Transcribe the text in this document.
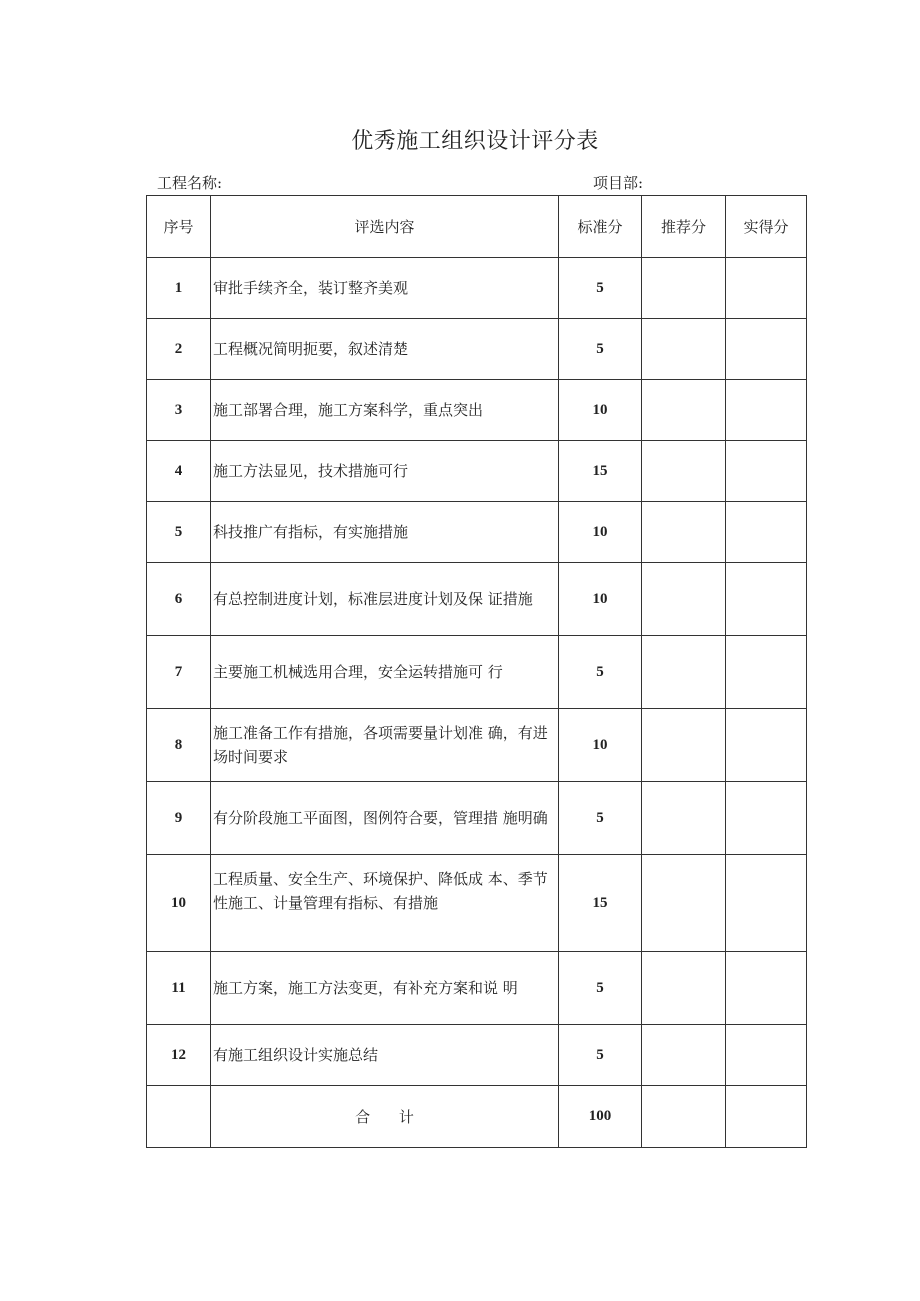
优秀施工组织设计评分表
工程名称:	项目部:
序号	评选内容	标准分	推荐分	实得分
1	审批手续齐全，装订整齐美观	5		
2	工程概况简明扼要，叙述清楚	5		
3	施工部署合理，施工方案科学，重点突出	10		
4	施工方法显见，技术措施可行	15		
5	科技推广有指标，有实施措施	10		
6	有总控制进度计划，标准层进度计划及保 证措施	10		
7	主要施工机械选用合理，安全运转措施可 行	5		
8	施工准备工作有措施，各项需要量计划准 确，有进场时间要求	10		
9	有分阶段施工平面图，图例符合要，管理措 施明确	5		
10	工程质量、安全生产、环境保护、降低成 本、季节性施工、计量管理有指标、有措施	15		
11	施工方案，施工方法变更，有补充方案和说 明	5		
12	有施工组织设计实施总结	5		
	合 计	100		
